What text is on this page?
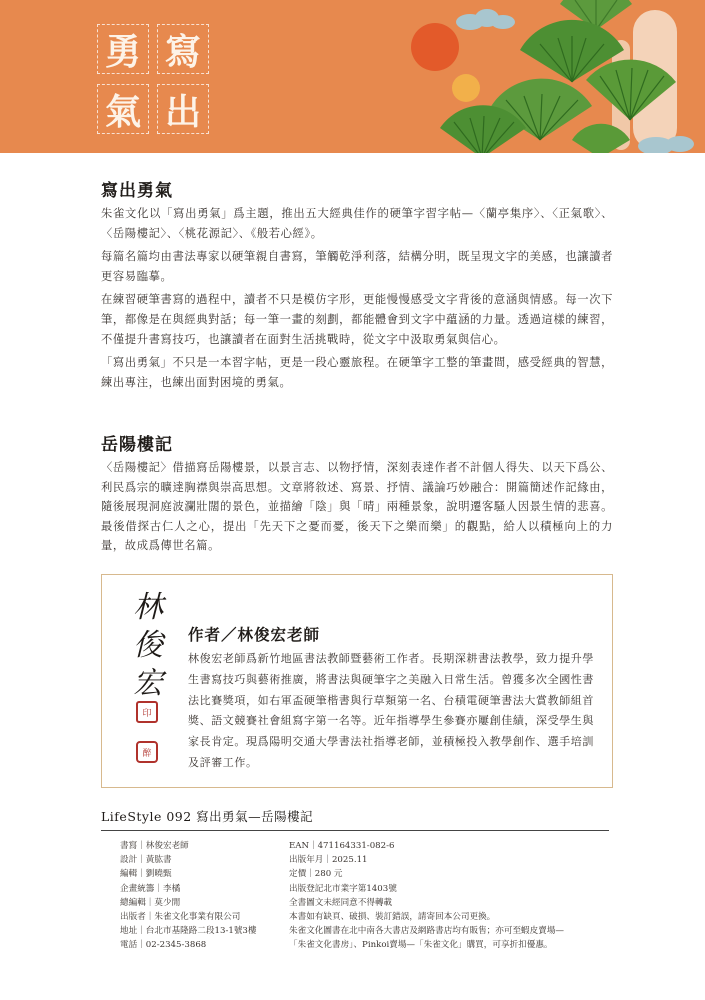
勇 寫
氣 出
寫出勇氣

朱雀文化以「寫出勇氣」爲主題，推出五大經典佳作的硬筆字習字帖—〈蘭亭集序〉、〈正氣歌〉、〈岳陽樓記〉、〈桃花源記〉、《般若心經》。

每篇名篇均由書法專家以硬筆親自書寫，筆觸乾淨利落，結構分明，既呈現文字的美感，也讓讀者更容易臨摹。

在練習硬筆書寫的過程中，讀者不只是模仿字形，更能慢慢感受文字背後的意涵與情感。每一次下筆，都像是在與經典對話；每一筆一畫的刻劃，都能體會到文字中蘊涵的力量。透過這樣的練習，不僅提升書寫技巧，也讓讀者在面對生活挑戰時，從文字中汲取勇氣與信心。

「寫出勇氣」不只是一本習字帖，更是一段心靈旅程。在硬筆字工整的筆畫間，感受經典的智慧，練出專注，也練出面對困境的勇氣。

岳陽樓記

〈岳陽樓記〉借描寫岳陽樓景，以景言志、以物抒情，深刻表達作者不計個人得失、以天下爲公、利民爲宗的曠達胸襟與崇高思想。文章將敘述、寫景、抒情、議論巧妙融合：開篇簡述作記緣由，隨後展現洞庭波瀾壯闊的景色，並描繪「陰」與「晴」兩種景象，說明遷客騷人因景生情的悲喜。最後借探古仁人之心，提出「先天下之憂而憂，後天下之樂而樂」的觀點，給人以積極向上的力量，故成爲傳世名篇。

林俊宏
印
醉
作者／林俊宏老師
林俊宏老師爲新竹地區書法教師暨藝術工作者。長期深耕書法教學，致力提升學生書寫技巧與藝術推廣，將書法與硬筆字之美融入日常生活。曾獲多次全國性書法比賽獎項，如右軍盃硬筆楷書與行草類第一名、台積電硬筆書法大賞教師組首獎、語文競賽社會組寫字第一名等。近年指導學生參賽亦屢創佳績，深受學生與家長肯定。現爲陽明交通大學書法社指導老師，並積極投入教學創作、選手培訓及評審工作。
LifeStyle 092 寫出勇氣—岳陽樓記
書寫｜林俊宏老師
設計｜黃肱書
編輯｜劉曉甄
企畫統籌｜李橘
總編輯｜莫少閒
出版者｜朱雀文化事業有限公司
地址｜台北市基隆路二段13-1號3樓
電話｜02-2345-3868
EAN｜471164331-082-6
出版年月｜2025.11
定價｜280 元
出版登記北市業字第1403號
全書圖文未經同意不得轉載
本書如有缺頁、破損、裝訂錯誤，請寄回本公司更換。
朱雀文化圖書在北中南各大書店及網路書店均有販售；亦可至蝦皮賣場—
「朱雀文化書房」、Pinkoi賣場—「朱雀文化」購買，可享折扣優惠。
